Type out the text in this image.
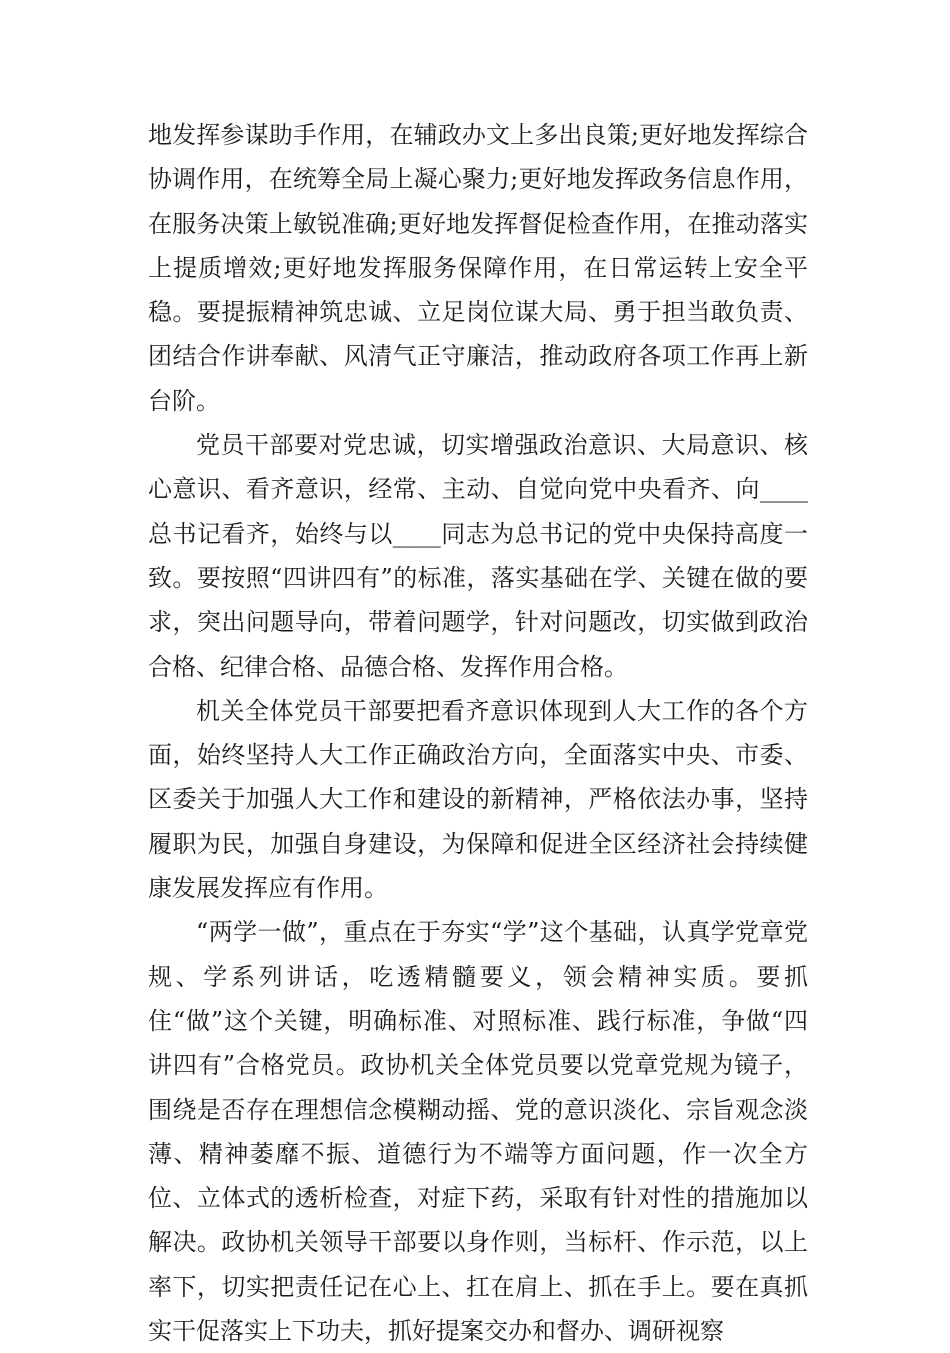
地发挥参谋助手作用，在辅政办文上多出良策;更好地发挥综合协调作用，在统筹全局上凝心聚力;更好地发挥政务信息作用，在服务决策上敏锐准确;更好地发挥督促检查作用，在推动落实上提质增效;更好地发挥服务保障作用，在日常运转上安全平稳。要提振精神筑忠诚、立足岗位谋大局、勇于担当敢负责、团结合作讲奉献、风清气正守廉洁，推动政府各项工作再上新台阶。

党员干部要对党忠诚，切实增强政治意识、大局意识、核心意识、看齐意识，经常、主动、自觉向党中央看齐、向____总书记看齐，始终与以____同志为总书记的党中央保持高度一致。要按照“四讲四有”的标准，落实基础在学、关键在做的要求，突出问题导向，带着问题学，针对问题改，切实做到政治合格、纪律合格、品德合格、发挥作用合格。

机关全体党员干部要把看齐意识体现到人大工作的各个方面，始终坚持人大工作正确政治方向，全面落实中央、市委、区委关于加强人大工作和建设的新精神，严格依法办事，坚持履职为民，加强自身建设，为保障和促进全区经济社会持续健康发展发挥应有作用。

“两学一做”，重点在于夯实“学”这个基础，认真学党章党规、学系列讲话，吃透精髓要义，领会精神实质。要抓住“做”这个关键，明确标准、对照标准、践行标准，争做“四讲四有”合格党员。政协机关全体党员要以党章党规为镜子，围绕是否存在理想信念模糊动摇、党的意识淡化、宗旨观念淡薄、精神萎靡不振、道德行为不端等方面问题，作一次全方位、立体式的透析检查，对症下药，采取有针对性的措施加以解决。政协机关领导干部要以身作则，当标杆、作示范，以上率下，切实把责任记在心上、扛在肩上、抓在手上。要在真抓实干促落实上下功夫，抓好提案交办和督办、调研视察
